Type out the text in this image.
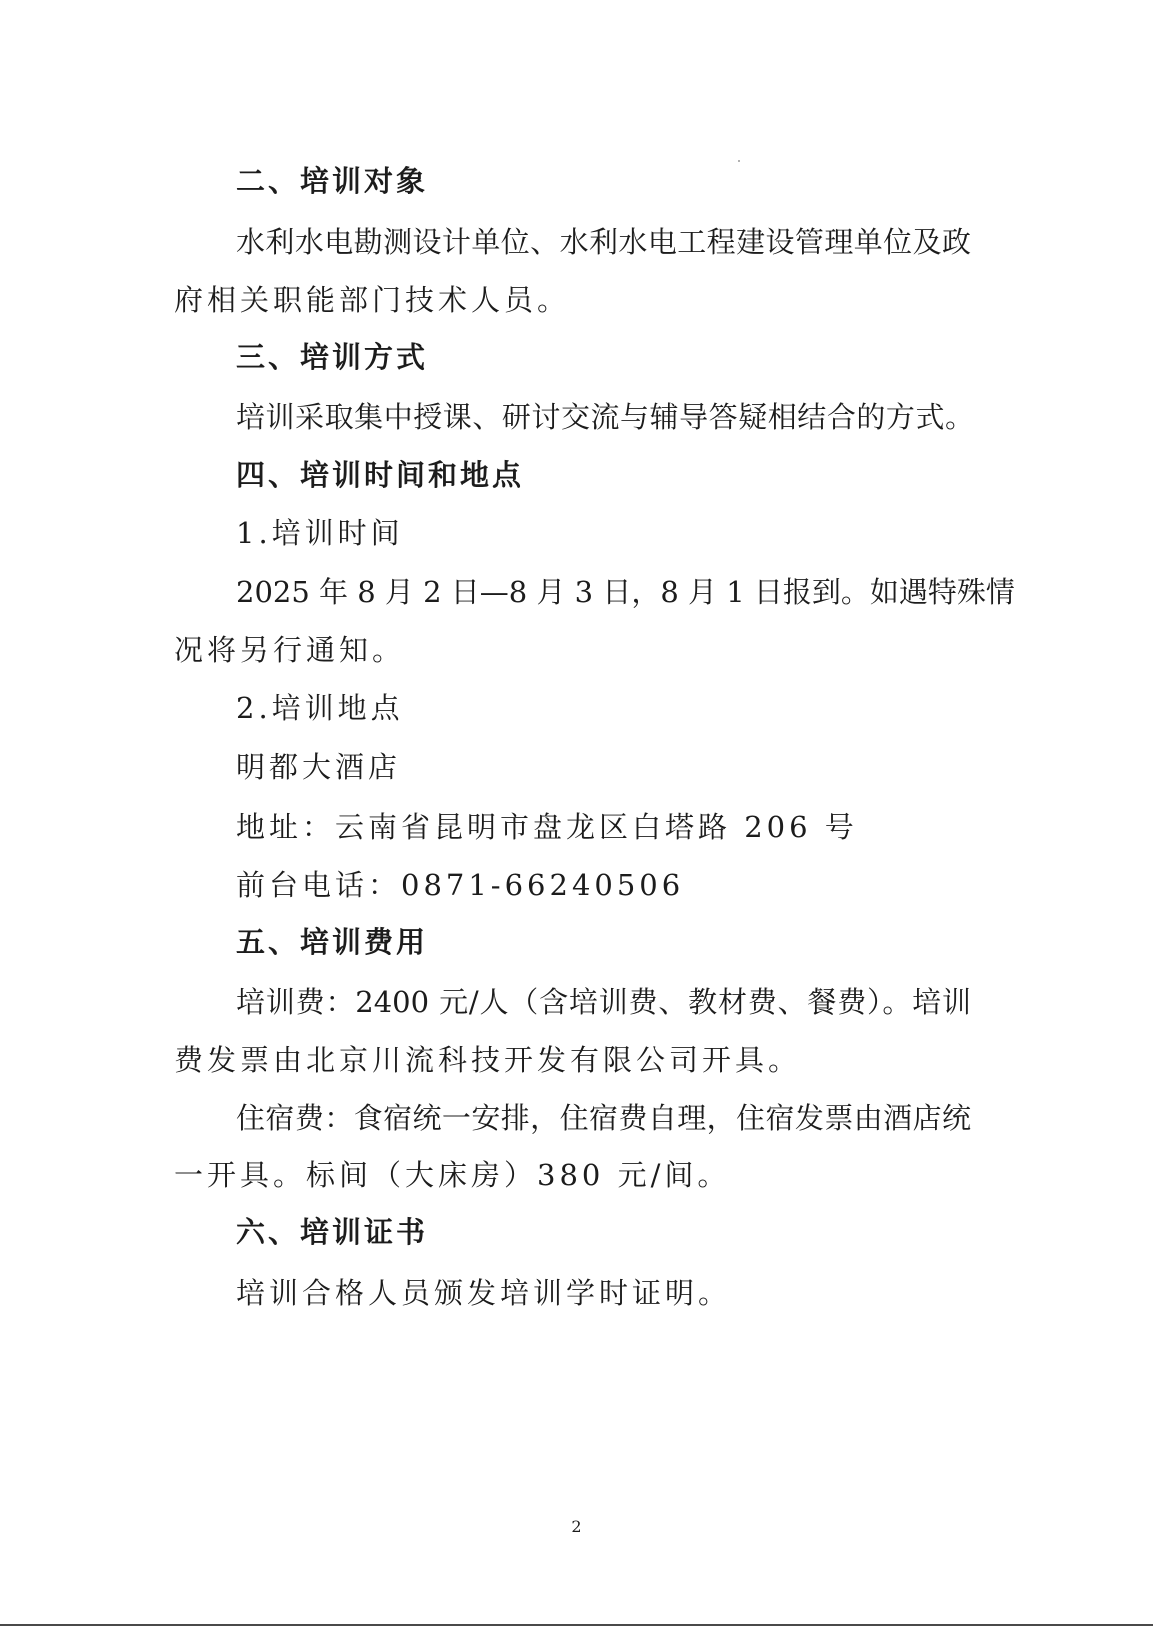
二、培训对象
水利水电勘测设计单位、水利水电工程建设管理单位及政
府相关职能部门技术人员。
三、培训方式
培训采取集中授课、研讨交流与辅导答疑相结合的方式。
四、培训时间和地点
1.培训时间
2025 年 8 月 2 日—8 月 3 日，8 月 1 日报到。如遇特殊情
况将另行通知。
2.培训地点
明都大酒店
地址：云南省昆明市盘龙区白塔路 206 号
前台电话：0871-66240506
五、培训费用
培训费：2400 元/人（含培训费、教材费、餐费）。培训
费发票由北京川流科技开发有限公司开具。
住宿费：食宿统一安排，住宿费自理，住宿发票由酒店统
一开具。标间（大床房）380 元/间。
六、培训证书
培训合格人员颁发培训学时证明。
2
